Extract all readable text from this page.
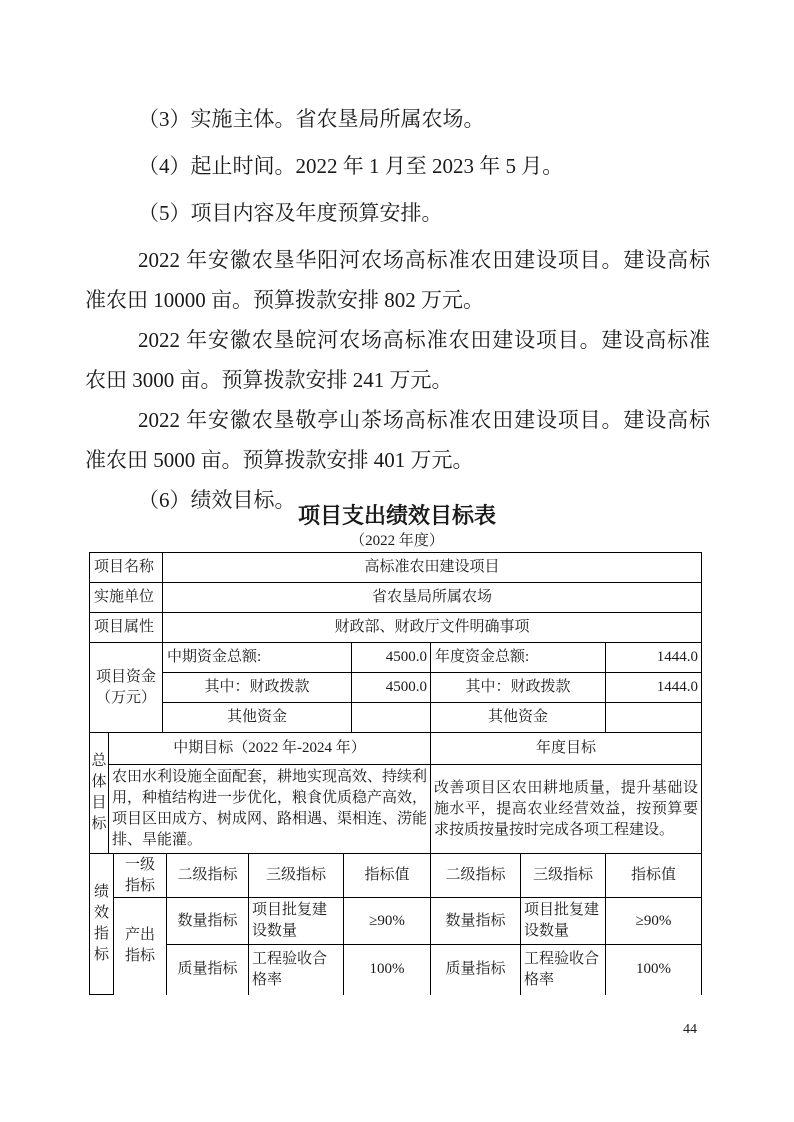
（3）实施主体。省农垦局所属农场。

（4）起止时间。2022 年 1 月至 2023 年 5 月。

（5）项目内容及年度预算安排。

2022 年安徽农垦华阳河农场高标准农田建设项目。建设高标准农田 10000 亩。预算拨款安排 802 万元。

2022 年安徽农垦皖河农场高标准农田建设项目。建设高标准农田 3000 亩。预算拨款安排 241 万元。

2022 年安徽农垦敬亭山茶场高标准农田建设项目。建设高标准农田 5000 亩。预算拨款安排 401 万元。

（6）绩效目标。

项目支出绩效目标表

（2022 年度）

项目名称	高标准农田建设项目
实施单位	省农垦局所属农场
项目属性	财政部、财政厅文件明确事项
项目资金（万元）	中期资金总额:	4500.0	年度资金总额:	1444.0
	其中：财政拨款	4500.0	其中：财政拨款	1444.0
	其他资金		其他资金	
总体目标	中期目标（2022 年-2024 年）	年度目标
	农田水利设施全面配套，耕地实现高效、持续利用，种植结构进一步优化，粮食优质稳产高效，项目区田成方、树成网、路相遇、渠相连、涝能排、旱能灌。	改善项目区农田耕地质量，提升基础设施水平，提高农业经营效益，按预算要求按质按量按时完成各项工程建设。
绩效指标	一级指标	二级指标	三级指标	指标值	二级指标	三级指标	指标值
	产出指标	数量指标	项目批复建设数量	≥90%	数量指标	项目批复建设数量	≥90%
		质量指标	工程验收合格率	100%	质量指标	工程验收合格率	100%
44
